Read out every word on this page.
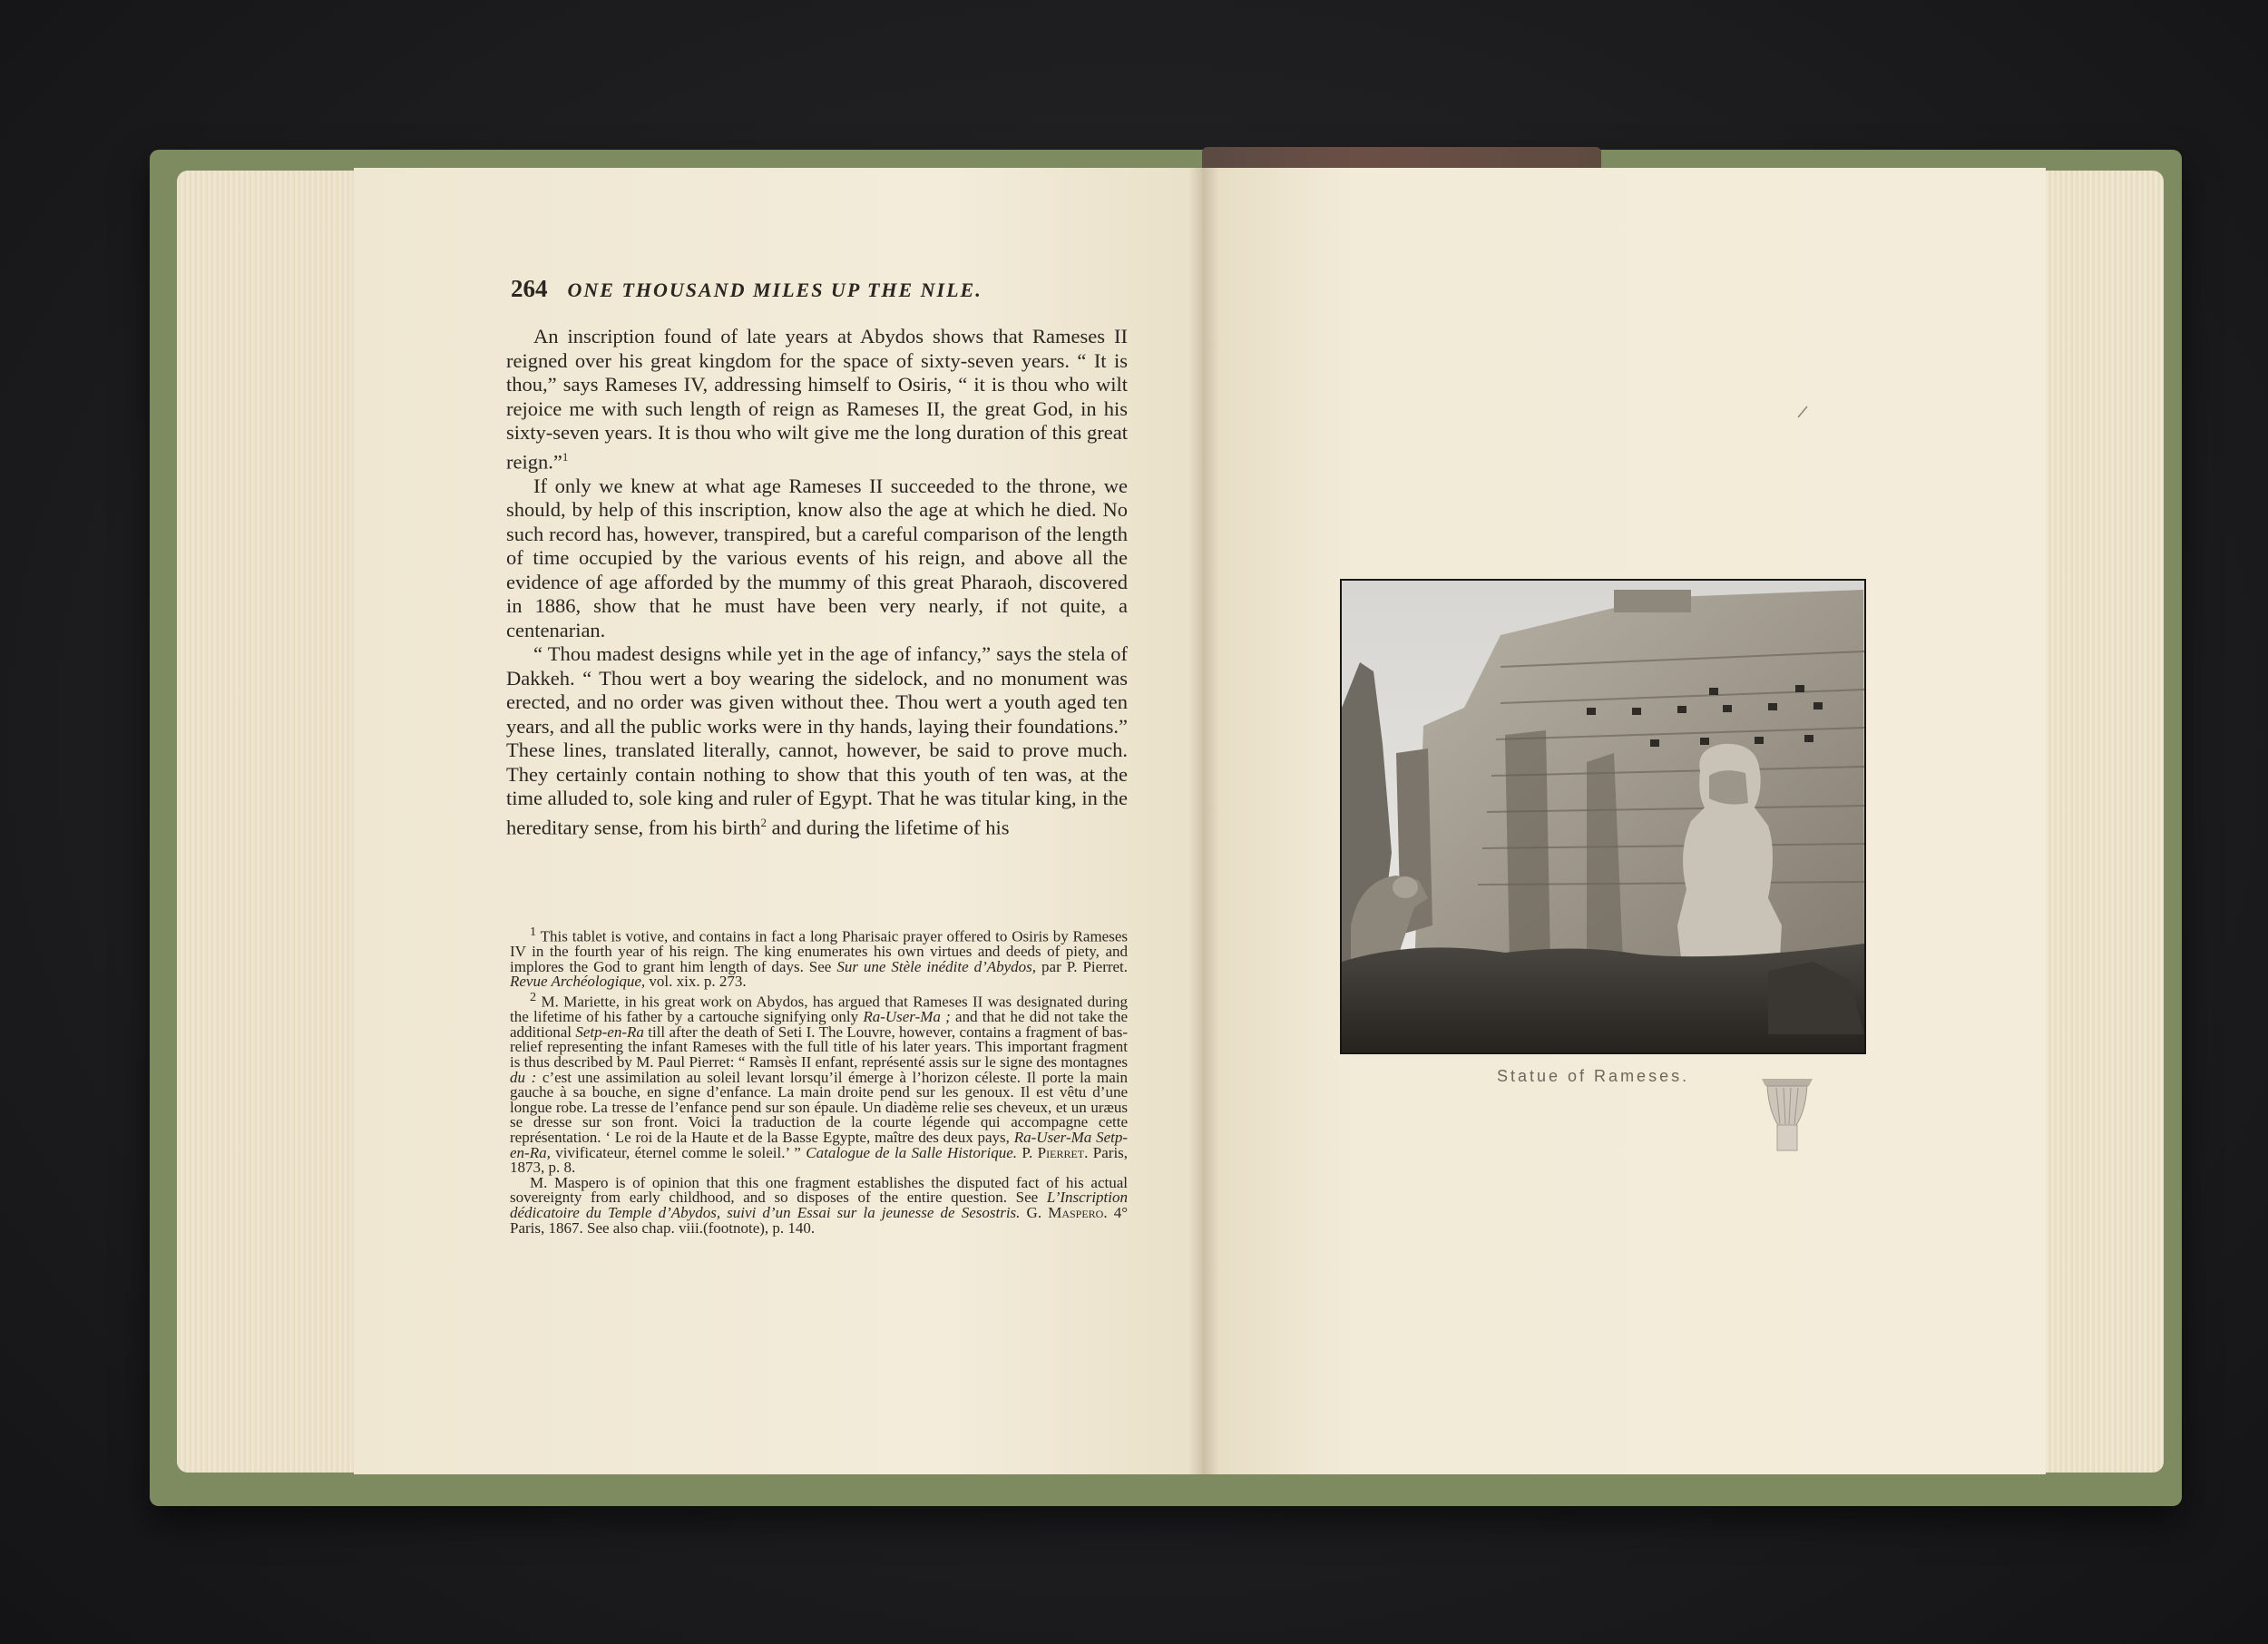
264 ONE THOUSAND MILES UP THE NILE.

An inscription found of late years at Abydos shows that Rameses II reigned over his great kingdom for the space of sixty-seven years. “ It is thou,” says Rameses IV, addressing himself to Osiris, “ it is thou who wilt rejoice me with such length of reign as Rameses II, the great God, in his sixty-seven years. It is thou who wilt give me the long duration of this great reign.”$^1$

If only we knew at what age Rameses II succeeded to the throne, we should, by help of this inscription, know also the age at which he died. No such record has, however, transpired, but a careful comparison of the length of time occupied by the various events of his reign, and above all the evidence of age afforded by the mummy of this great Pharaoh, discovered in 1886, show that he must have been very nearly, if not quite, a centenarian.

“ Thou madest designs while yet in the age of infancy,” says the stela of Dakkeh. “ Thou wert a boy wearing the sidelock, and no monument was erected, and no order was given without thee. Thou wert a youth aged ten years, and all the public works were in thy hands, laying their foundations.” These lines, translated literally, cannot, however, be said to prove much. They certainly contain nothing to show that this youth of ten was, at the time alluded to, sole king and ruler of Egypt. That he was titular king, in the hereditary sense, from his birth$^2$ and during the lifetime of his

$^1$ This tablet is votive, and contains in fact a long Pharisaic prayer offered to Osiris by Rameses IV in the fourth year of his reign. The king enumerates his own virtues and deeds of piety, and implores the God to grant him length of days. See Sur une Stèle inédite d’Abydos, par P. Pierret. Revue Archéologique, vol. xix. p. 273.

$^2$ M. Mariette, in his great work on Abydos, has argued that Rameses II was designated during the lifetime of his father by a cartouche signifying only Ra-User-Ma ; and that he did not take the additional Setp-en-Ra till after the death of Seti I. The Louvre, however, contains a fragment of bas-relief representing the infant Rameses with the full title of his later years. This important fragment is thus described by M. Paul Pierret: “ Ramsès II enfant, représenté assis sur le signe des montagnes du : c’est une assimilation au soleil levant lorsqu’il émerge à l’horizon céleste. Il porte la main gauche à sa bouche, en signe d’enfance. La main droite pend sur les genoux. Il est vêtu d’une longue robe. La tresse de l’enfance pend sur son épaule. Un diadème relie ses cheveux, et un uræus se dresse sur son front. Voici la traduction de la courte légende qui accompagne cette représentation. ‘ Le roi de la Haute et de la Basse Egypte, maître des deux pays, Ra-User-Ma Setp-en-Ra, vivificateur, éternel comme le soleil.’ ” Catalogue de la Salle Historique. P. Pierret. Paris, 1873, p. 8.

M. Maspero is of opinion that this one fragment establishes the disputed fact of his actual sovereignty from early childhood, and so disposes of the entire question. See L’Inscription dédicatoire du Temple d’Abydos, suivi d’un Essai sur la jeunesse de Sesostris. G. Maspero. 4° Paris, 1867. See also chap. viii.(footnote), p. 140.

Statue of Rameses.
